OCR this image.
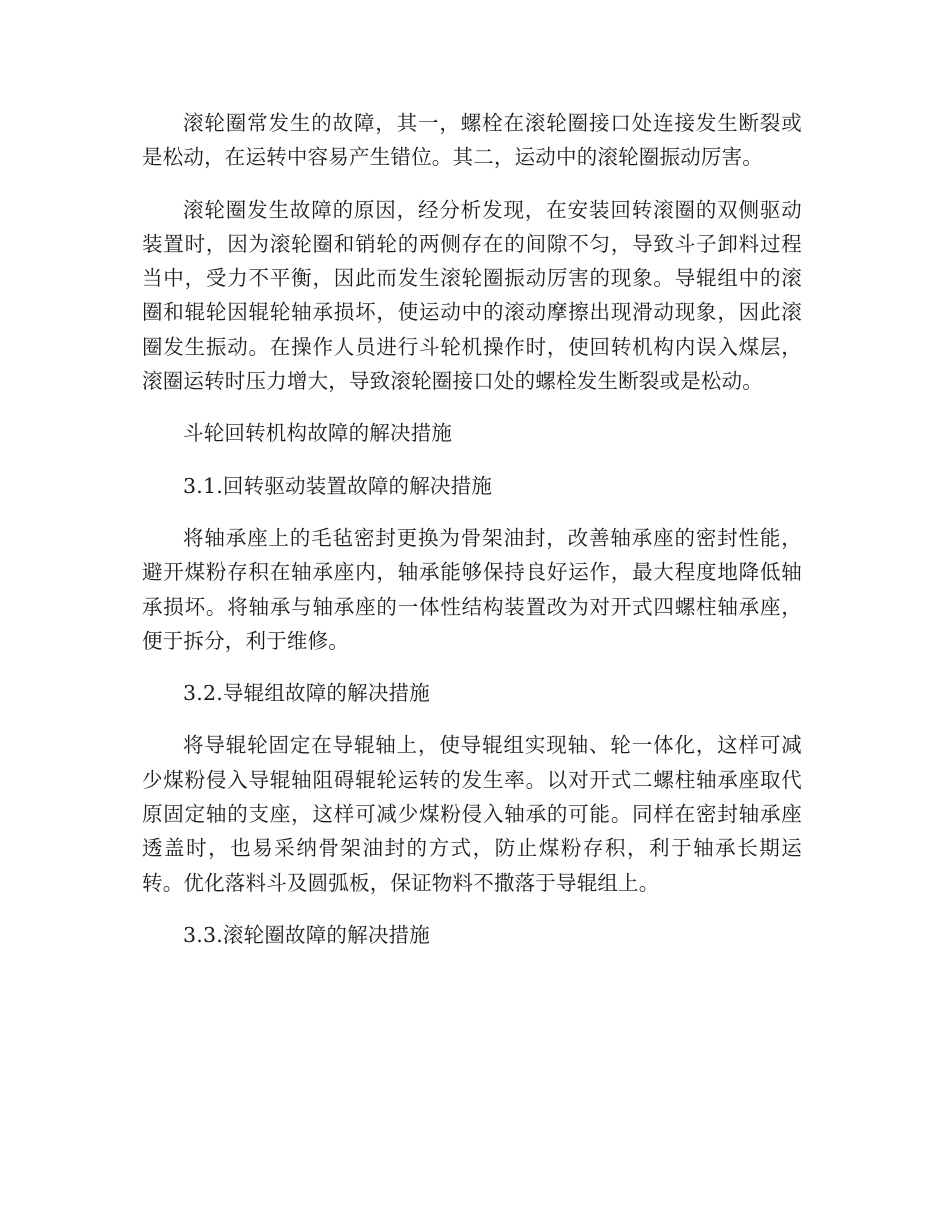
滚轮圈常发生的故障，其一，螺栓在滚轮圈接口处连接发生断裂或是松动，在运转中容易产生错位。其二，运动中的滚轮圈振动厉害。

滚轮圈发生故障的原因，经分析发现，在安装回转滚圈的双侧驱动装置时，因为滚轮圈和销轮的两侧存在的间隙不匀，导致斗子卸料过程当中，受力不平衡，因此而发生滚轮圈振动厉害的现象。导辊组中的滚圈和辊轮因辊轮轴承损坏，使运动中的滚动摩擦出现滑动现象，因此滚圈发生振动。在操作人员进行斗轮机操作时，使回转机构内误入煤层，滚圈运转时压力增大，导致滚轮圈接口处的螺栓发生断裂或是松动。

斗轮回转机构故障的解决措施

3.1.回转驱动装置故障的解决措施

将轴承座上的毛毡密封更换为骨架油封，改善轴承座的密封性能，避开煤粉存积在轴承座内，轴承能够保持良好运作，最大程度地降低轴承损坏。将轴承与轴承座的一体性结构装置改为对开式四螺柱轴承座，便于拆分，利于维修。

3.2.导辊组故障的解决措施

将导辊轮固定在导辊轴上，使导辊组实现轴、轮一体化，这样可减少煤粉侵入导辊轴阻碍辊轮运转的发生率。以对开式二螺柱轴承座取代原固定轴的支座，这样可减少煤粉侵入轴承的可能。同样在密封轴承座透盖时，也易采纳骨架油封的方式，防止煤粉存积，利于轴承长期运转。优化落料斗及圆弧板，保证物料不撒落于导辊组上。

3.3.滚轮圈故障的解决措施
